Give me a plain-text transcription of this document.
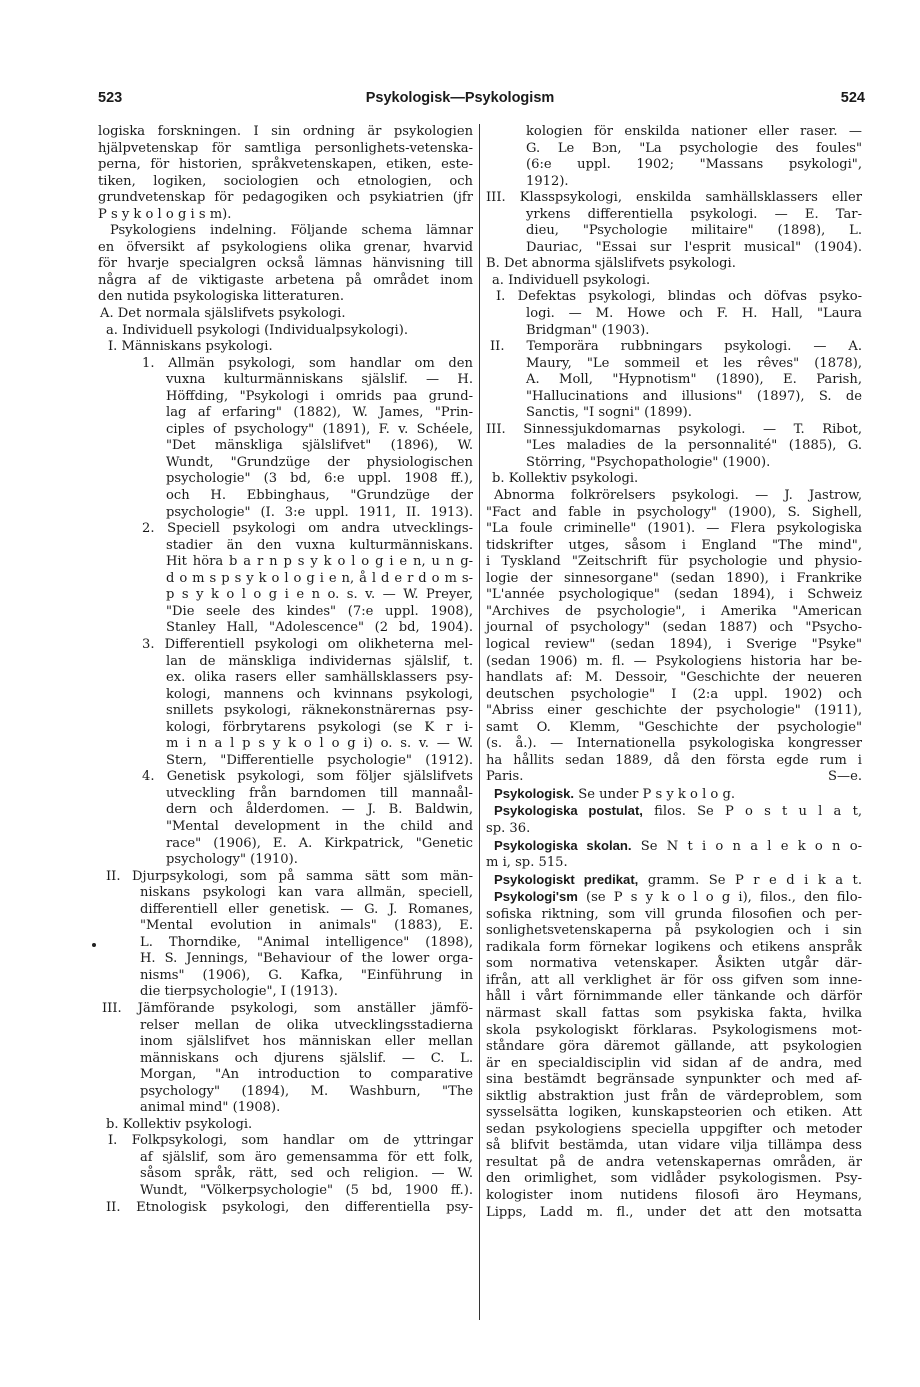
523	Psykologisk—Psykologism	524
logiska forskningen. I sin ordning är psykologien
hjälpvetenskap för samtliga personlighets-vetenska-
perna, för historien, språkvetenskapen, etiken, este-
tiken, logiken, sociologien och etnologien, och
grundvetenskap för pedagogiken och psykiatrien (jfr
P s y k o l o g i s m).
Psykologiens indelning. Följande schema lämnar
en öfversikt af psykologiens olika grenar, hvarvid
för hvarje specialgren också lämnas hänvisning till
några af de viktigaste arbetena på området inom
den nutida psykologiska litteraturen.
A. Det normala själslifvets psykologi.
a. Individuell psykologi (Individualpsykologi).
I. Människans psykologi.
1. Allmän psykologi, som handlar om den
vuxna kulturmänniskans själslif. — H.
Höffding, "Psykologi i omrids paa grund-
lag af erfaring" (1882), W. James, "Prin-
ciples of psychology" (1891), F. v. Schéele,
"Det mänskliga själslifvet" (1896), W.
Wundt, "Grundzüge der physiologischen
psychologie" (3 bd, 6:e uppl. 1908 ff.),
och H. Ebbinghaus, "Grundzüge der
psychologie" (I. 3:e uppl. 1911, II. 1913).
2. Speciell psykologi om andra utvecklings-
stadier än den vuxna kulturmänniskans.
Hit höra b a r n p s y k o l o g i e n, u n g-
d o m s p s y k o l o g i e n, å l d e r d o m s-
p s y k o l o g i e n o. s. v. — W. Preyer,
"Die seele des kindes" (7:e uppl. 1908),
Stanley Hall, "Adolescence" (2 bd, 1904).
3. Differentiell psykologi om olikheterna mel-
lan de mänskliga individernas själslif, t.
ex. olika rasers eller samhällsklassers psy-
kologi, mannens och kvinnans psykologi,
snillets psykologi, räknekonstnärernas psy-
kologi, förbrytarens psykologi (se K r i-
m i n a l p s y k o l o g i) o. s. v. — W.
Stern, "Differentielle psychologie" (1912).
4. Genetisk psykologi, som följer själslifvets
utveckling från barndomen till mannaål-
dern och ålderdomen. — J. B. Baldwin,
"Mental development in the child and
race" (1906), E. A. Kirkpatrick, "Genetic
psychology" (1910).
II. Djurpsykologi, som på samma sätt som män-
niskans psykologi kan vara allmän, speciell,
differentiell eller genetisk. — G. J. Romanes,
"Mental evolution in animals" (1883), E.
L. Thorndike, "Animal intelligence" (1898),
H. S. Jennings, "Behaviour of the lower orga-
nisms" (1906), G. Kafka, "Einführung in
die tierpsychologie", I (1913).
III. Jämförande psykologi, som anställer jämfö-
relser mellan de olika utvecklingsstadierna
inom själslifvet hos människan eller mellan
människans och djurens själslif. — C. L.
Morgan, "An introduction to comparative
psychology" (1894), M. Washburn, "The
animal mind" (1908).
b. Kollektiv psykologi.
I. Folkpsykologi, som handlar om de yttringar
af själslif, som äro gemensamma för ett folk,
såsom språk, rätt, sed och religion. — W.
Wundt, "Völkerpsychologie" (5 bd, 1900 ff.).
II. Etnologisk psykologi, den differentiella psy-
kologien för enskilda nationer eller raser. —
G. Le Bɔn, "La psychologie des foules"
(6:e uppl. 1902; "Massans psykologi",
1912).
III. Klasspsykologi, enskilda samhällsklassers eller
yrkens differentiella psykologi. — E. Tar-
dieu, "Psychologie militaire" (1898), L.
Dauriac, "Essai sur l'esprit musical" (1904).
B. Det abnorma själslifvets psykologi.
a. Individuell psykologi.
I. Defektas psykologi, blindas och döfvas psyko-
logi. — M. Howe och F. H. Hall, "Laura
Bridgman" (1903).
II. Temporära rubbningars psykologi. — A.
Maury, "Le sommeil et les rêves" (1878),
A. Moll, "Hypnotism" (1890), E. Parish,
"Hallucinations and illusions" (1897), S. de
Sanctis, "I sogni" (1899).
III. Sinnessjukdomarnas psykologi. — T. Ribot,
"Les maladies de la personnalité" (1885), G.
Störring, "Psychopathologie" (1900).
b. Kollektiv psykologi.
Abnorma folkrörelsers psykologi. — J. Jastrow,
"Fact and fable in psychology" (1900), S. Sighell,
"La foule criminelle" (1901). — Flera psykologiska
tidskrifter utges, såsom i England "The mind",
i Tyskland "Zeitschrift für psychologie und physio-
logie der sinnesorgane" (sedan 1890), i Frankrike
"L'année psychologique" (sedan 1894), i Schweiz
"Archives de psychologie", i Amerika "American
journal of psychology" (sedan 1887) och "Psycho-
logical review" (sedan 1894), i Sverige "Psyke"
(sedan 1906) m. fl. — Psykologiens historia har be-
handlats af: M. Dessoir, "Geschichte der neueren
deutschen psychologie" I (2:a uppl. 1902) och
"Abriss einer geschichte der psychologie" (1911),
samt O. Klemm, "Geschichte der psychologie"
(s. å.). — Internationella psykologiska kongresser
ha hållits sedan 1889, då den första egde rum i
Paris. S—e.
Psykologisk. Se under P s y k o l o g.
Psykologiska postulat, filos. Se P o s t u l a t,
sp. 36.
Psykologiska skolan. Se N t i o n a l e k o n o-
m i, sp. 515.
Psykologiskt predikat, gramm. Se P r e d i k a t.
Psykologi'sm (se P s y k o l o g i), filos., den filo-
sofiska riktning, som vill grunda filosofien och per-
sonlighetsvetenskaperna på psykologien och i sin
radikala form förnekar logikens och etikens anspråk
som normativa vetenskaper. Åsikten utgår där-
ifrån, att all verklighet är för oss gifven som inne-
håll i vårt förnimmande eller tänkande och därför
närmast skall fattas som psykiska fakta, hvilka
skola psykologiskt förklaras. Psykologismens mot-
ståndare göra däremot gällande, att psykologien
är en specialdisciplin vid sidan af de andra, med
sina bestämdt begränsade synpunkter och med af-
siktlig abstraktion just från de värdeproblem, som
sysselsätta logiken, kunskapsteorien och etiken. Att
sedan psykologiens speciella uppgifter och metoder
så blifvit bestämda, utan vidare vilja tillämpa dess
resultat på de andra vetenskapernas områden, är
den orimlighet, som vidlåder psykologismen. Psy-
kologister inom nutidens filosofi äro Heymans,
Lipps, Ladd m. fl., under det att den motsatta
